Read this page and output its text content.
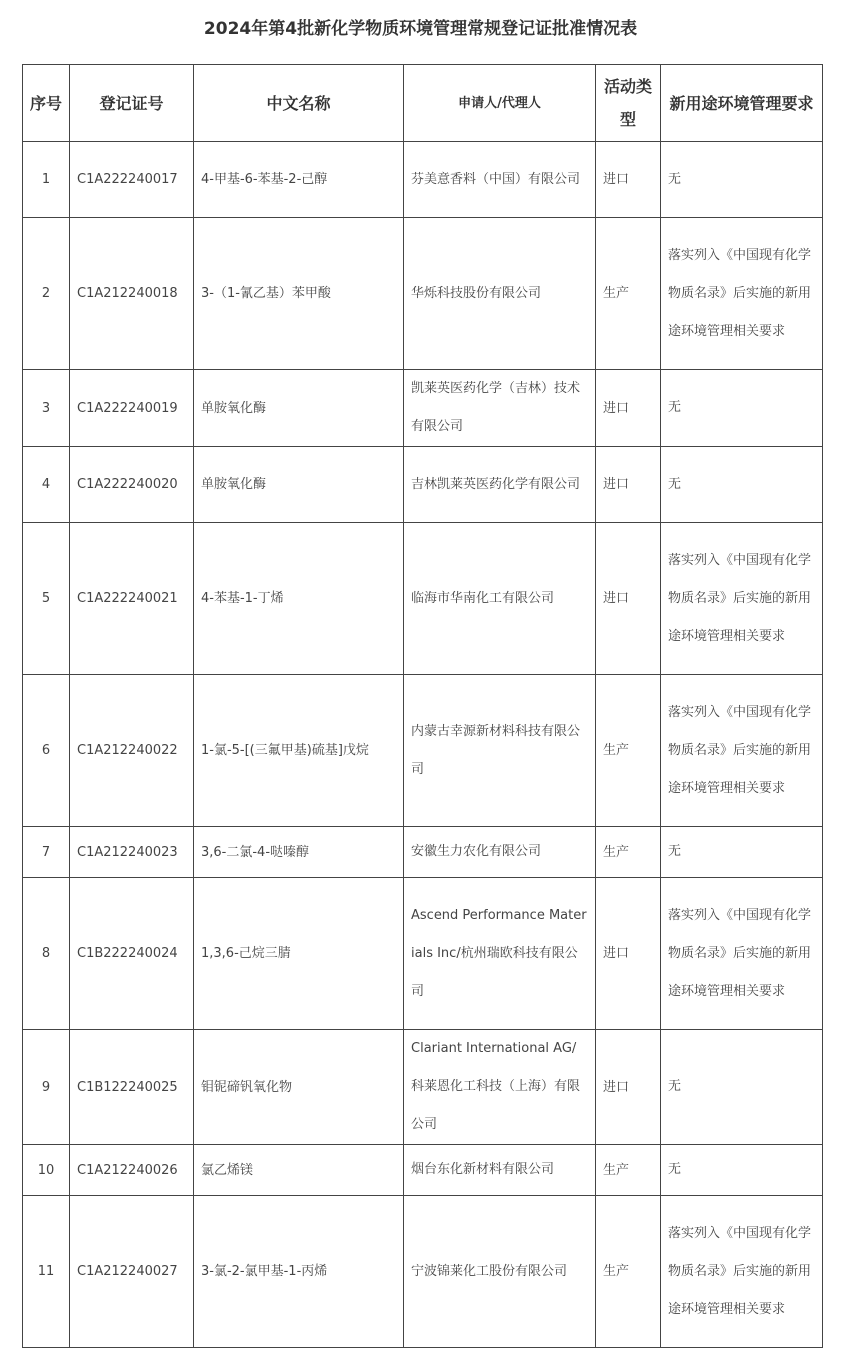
2024年第4批新化学物质环境管理常规登记证批准情况表
序号	登记证号	中文名称	申请人/代理人	活动类型	新用途环境管理要求
1	C1A222240017	4-甲基-6-苯基-2-己醇	芬美意香料（中国）有限公司	进口	无
2	C1A212240018	3-（1-氰乙基）苯甲酸	华烁科技股份有限公司	生产	落实列入《中国现有化学物质名录》后实施的新用途环境管理相关要求
3	C1A222240019	单胺氧化酶	凯莱英医药化学（吉林）技术有限公司	进口	无
4	C1A222240020	单胺氧化酶	吉林凯莱英医药化学有限公司	进口	无
5	C1A222240021	4-苯基-1-丁烯	临海市华南化工有限公司	进口	落实列入《中国现有化学物质名录》后实施的新用途环境管理相关要求
6	C1A212240022	1-氯-5-[(三氟甲基)硫基]戊烷	内蒙古幸源新材料科技有限公司	生产	落实列入《中国现有化学物质名录》后实施的新用途环境管理相关要求
7	C1A212240023	3,6-二氯-4-哒嗪醇	安徽生力农化有限公司	生产	无
8	C1B222240024	1,3,6-己烷三腈	Ascend Performance Materials Inc/杭州瑞欧科技有限公司	进口	落实列入《中国现有化学物质名录》后实施的新用途环境管理相关要求
9	C1B122240025	钼铌碲钒氧化物	Clariant International AG/科莱恩化工科技（上海）有限公司	进口	无
10	C1A212240026	氯乙烯镁	烟台东化新材料有限公司	生产	无
11	C1A212240027	3-氯-2-氯甲基-1-丙烯	宁波锦莱化工股份有限公司	生产	落实列入《中国现有化学物质名录》后实施的新用途环境管理相关要求
